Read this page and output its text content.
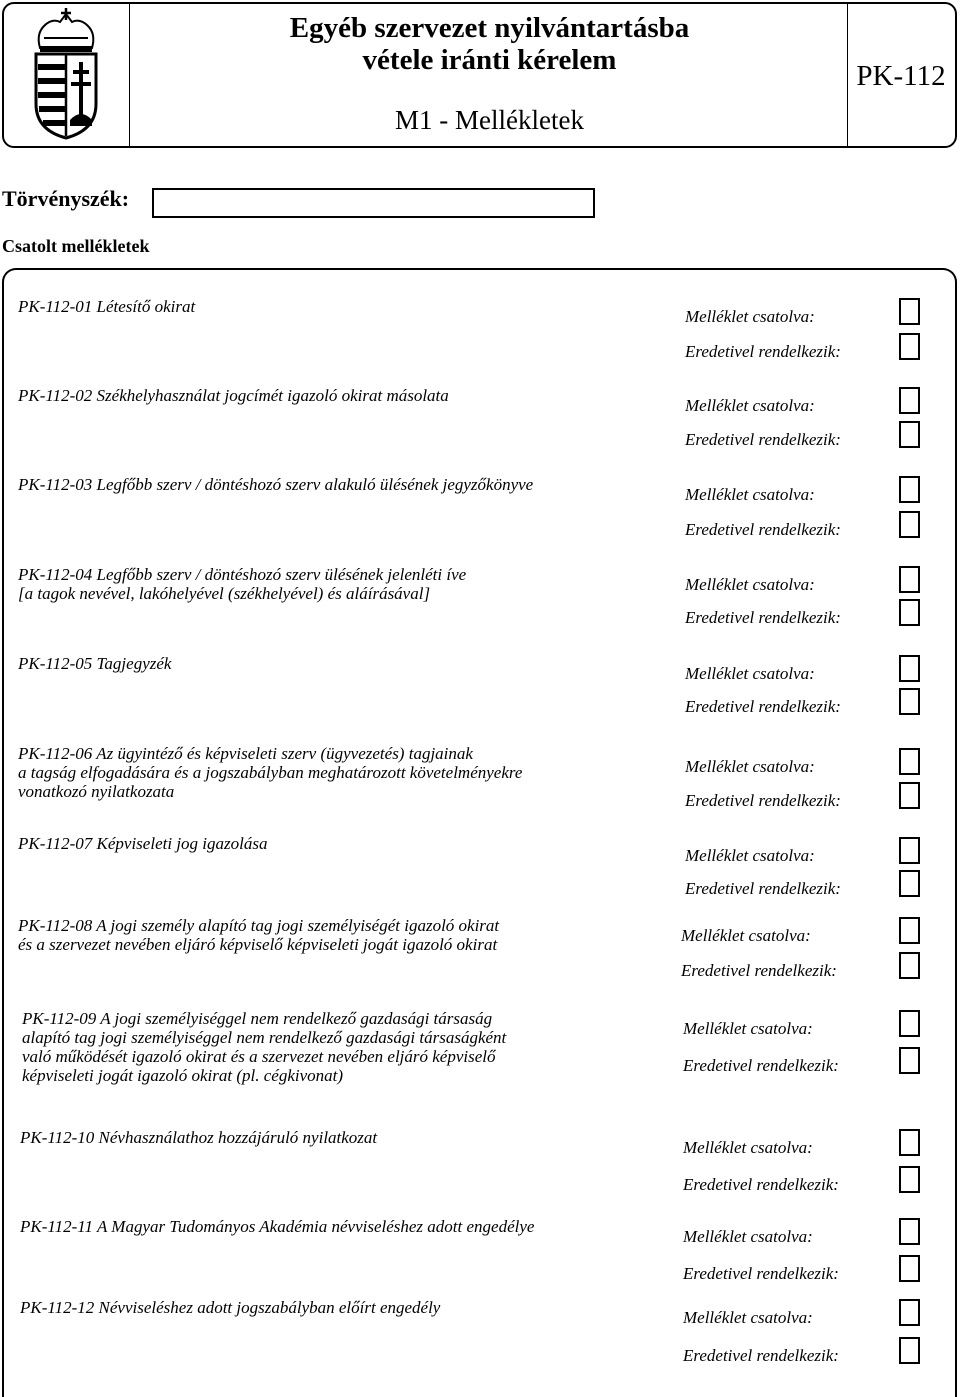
Egyéb szervezet nyilvántartásba
vétele iránti kérelem
M1 - Mellékletek
PK-112
Törvényszék:
Csatolt mellékletek
PK-112-01 Létesítő okirat
Melléklet csatolva:
Eredetivel rendelkezik:
PK-112-02 Székhelyhasználat jogcímét igazoló okirat másolata
Melléklet csatolva:
Eredetivel rendelkezik:
PK-112-03 Legfőbb szerv / döntéshozó szerv alakuló ülésének jegyzőkönyve
Melléklet csatolva:
Eredetivel rendelkezik:
PK-112-04 Legfőbb szerv / döntéshozó szerv ülésének jelenléti íve
[a tagok nevével, lakóhelyével (székhelyével) és aláírásával]	Melléklet csatolva:
Eredetivel rendelkezik:
PK-112-05 Tagjegyzék
Melléklet csatolva:
Eredetivel rendelkezik:
PK-112-06 Az ügyintéző és képviseleti szerv (ügyvezetés) tagjainak
a tagság elfogadására és a jogszabályban meghatározott követelményekre
vonatkozó nyilatkozata
Melléklet csatolva:
Eredetivel rendelkezik:
PK-112-07 Képviseleti jog igazolása
Melléklet csatolva:
Eredetivel rendelkezik:
PK-112-08 A jogi személy alapító tag jogi személyiségét igazoló okirat
és a szervezet nevében eljáró képviselő képviseleti jogát igazoló okirat	Melléklet csatolva:
Eredetivel rendelkezik:
PK-112-09 A jogi személyiséggel nem rendelkező gazdasági társaság
alapító tag jogi személyiséggel nem rendelkező gazdasági társaságként
való működését igazoló okirat és a szervezet nevében eljáró képviselő
képviseleti jogát igazoló okirat (pl. cégkivonat)
Melléklet csatolva:
Eredetivel rendelkezik:
PK-112-10 Névhasználathoz hozzájáruló nyilatkozat
Melléklet csatolva:
Eredetivel rendelkezik:
PK-112-11 A Magyar Tudományos Akadémia névviseléshez adott engedélye
Melléklet csatolva:
Eredetivel rendelkezik:
PK-112-12 Névviseléshez adott jogszabályban előírt engedély
Melléklet csatolva:
Eredetivel rendelkezik:
